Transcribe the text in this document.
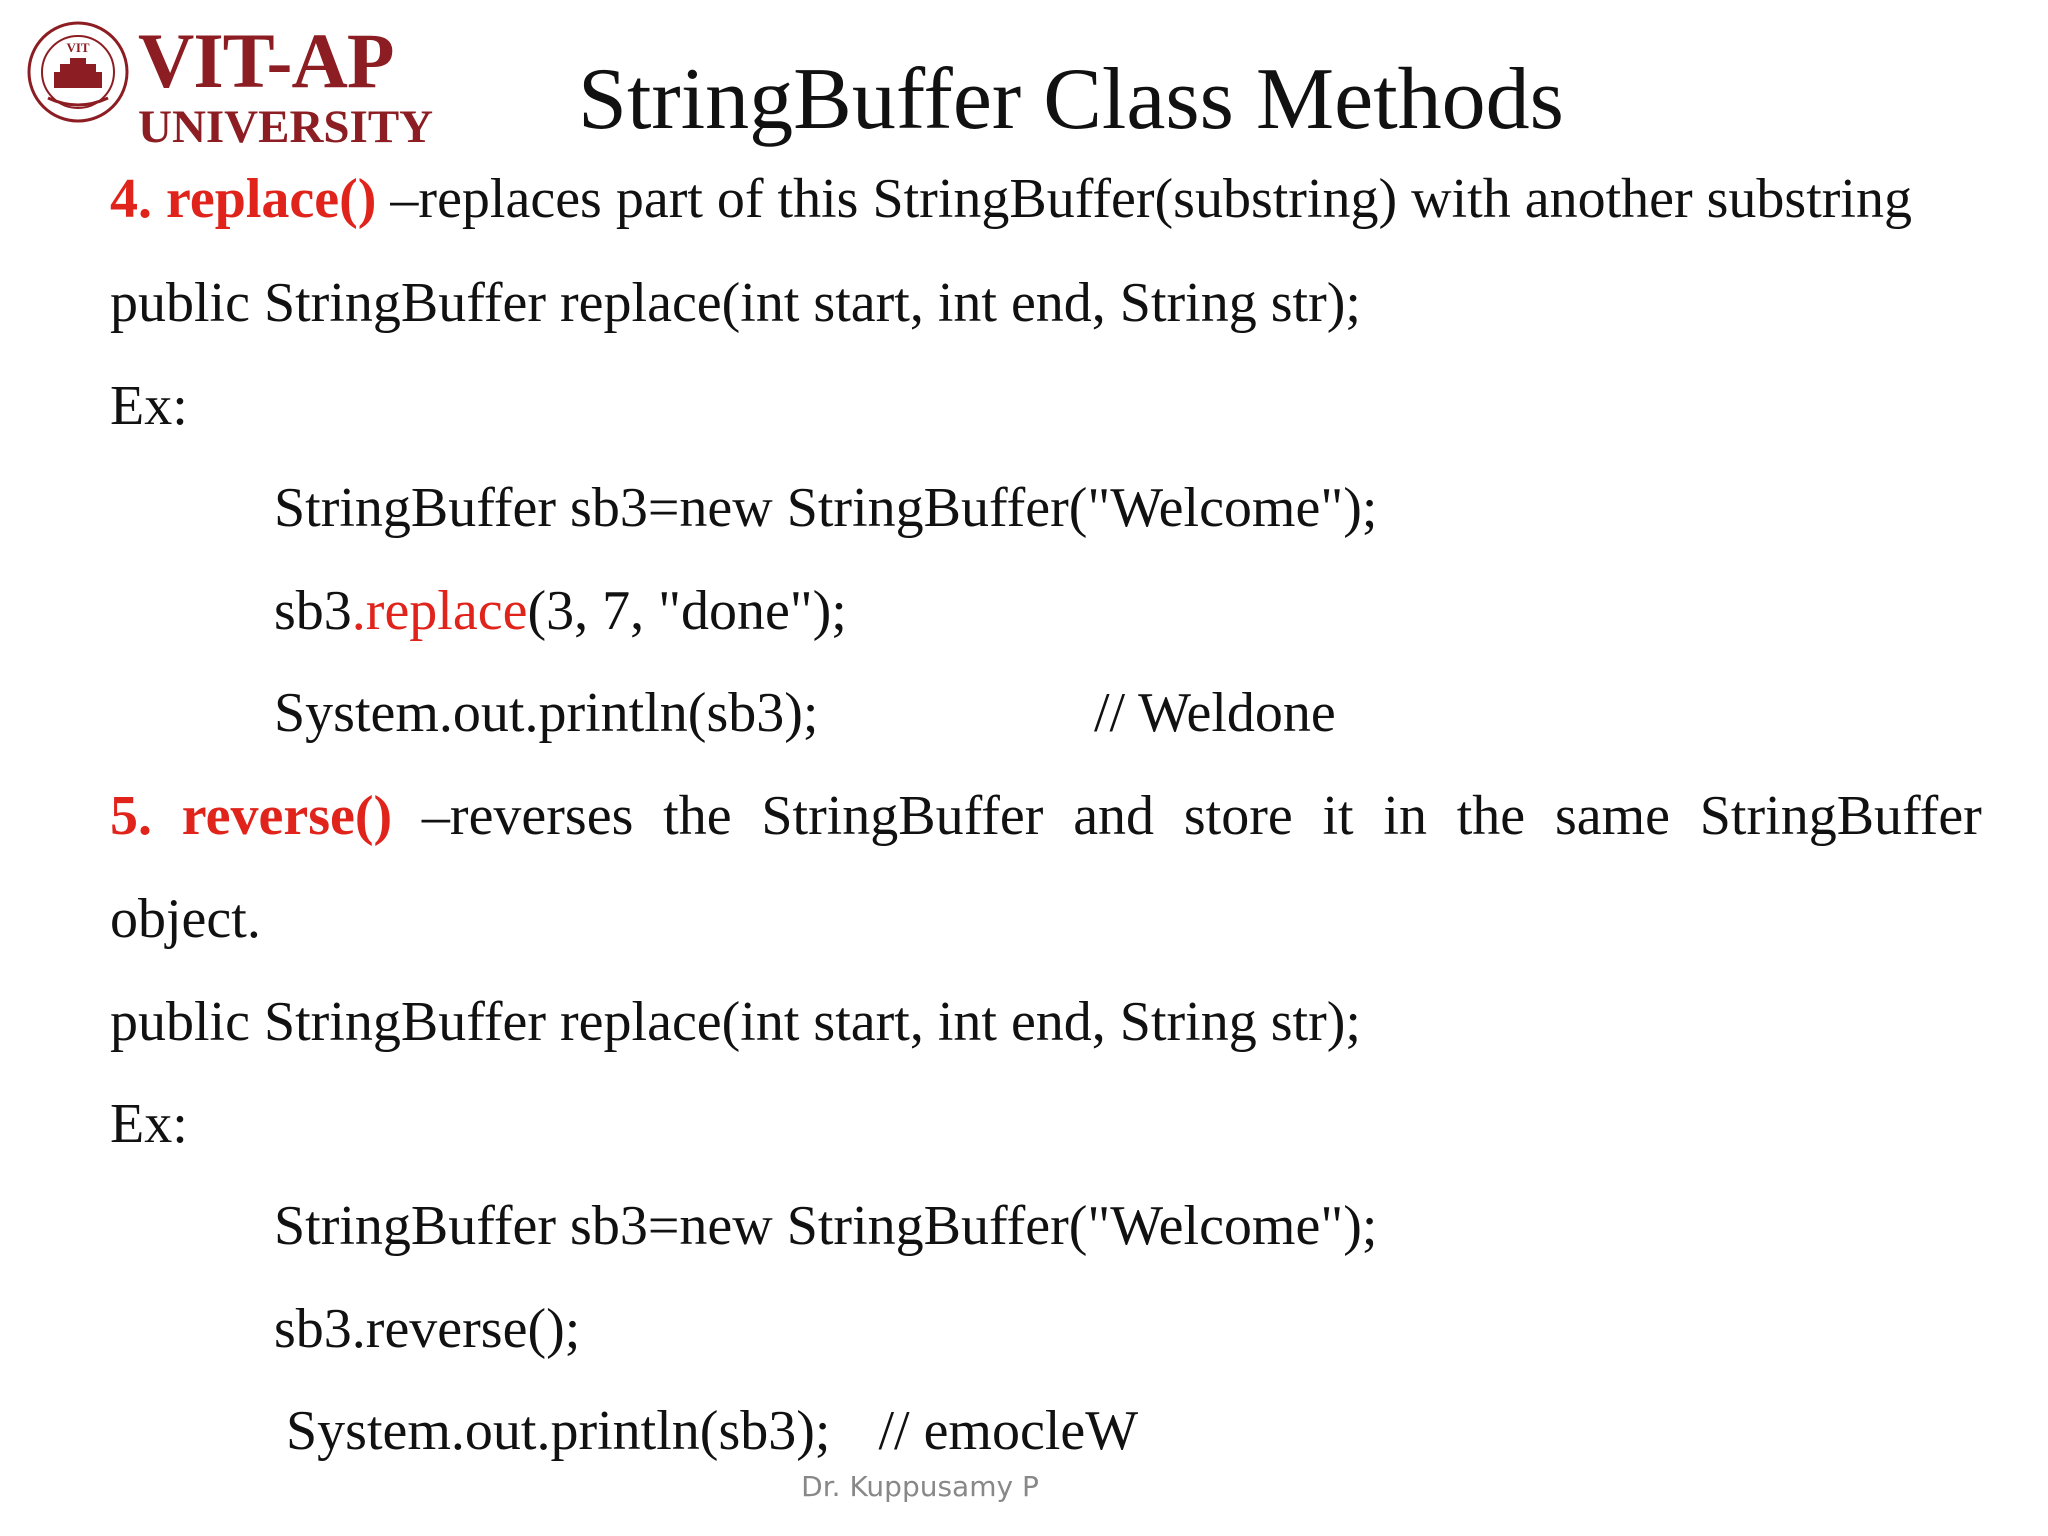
VIT VIT-AP
UNIVERSITY StringBuffer Class Methods
4. replace() –replaces part of this StringBuffer(substring) with another substring
public StringBuffer replace(int start, int end, String str);
Ex:
StringBuffer sb3=new StringBuffer("Welcome");
sb3.replace(3, 7, "done");
System.out.println(sb3);	// Weldone
5. reverse() –reverses the StringBuffer and store it in the same StringBuffer
object.
public StringBuffer replace(int start, int end, String str);
Ex:
StringBuffer sb3=new StringBuffer("Welcome");
sb3.reverse();
System.out.println(sb3); // emocleW
Dr. Kuppusamy P
